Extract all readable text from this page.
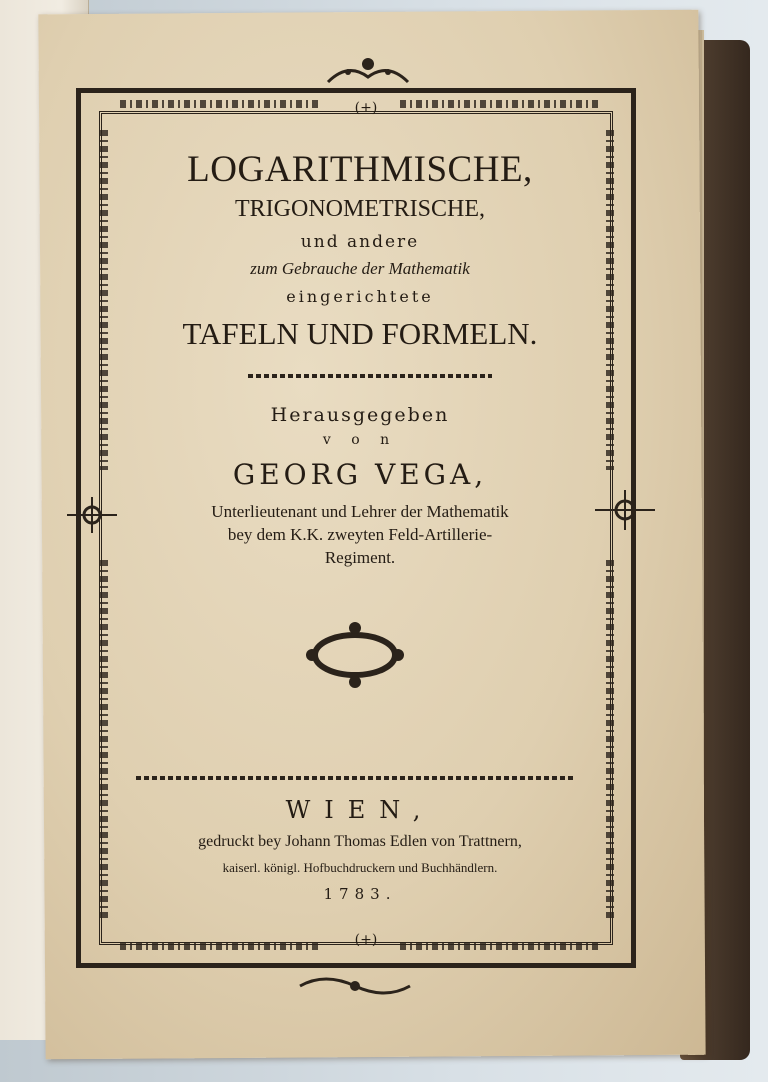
(+)
LOGARITHMISCHE,
TRIGONOMETRISCHE,
und andere
zum Gebrauche der Mathematik
eingerichtete
TAFELN UND FORMELN.
Herausgegeben
v o n
GEORG VEGA,
Unterlieutenant und Lehrer der Mathematik
bey dem K.K. zweyten Feld-Artillerie-
Regiment.
WIEN,
gedruckt bey Johann Thomas Edlen von Trattnern,
kaiserl. königl. Hofbuchdruckern und Buchhändlern.
1783.
(+)
